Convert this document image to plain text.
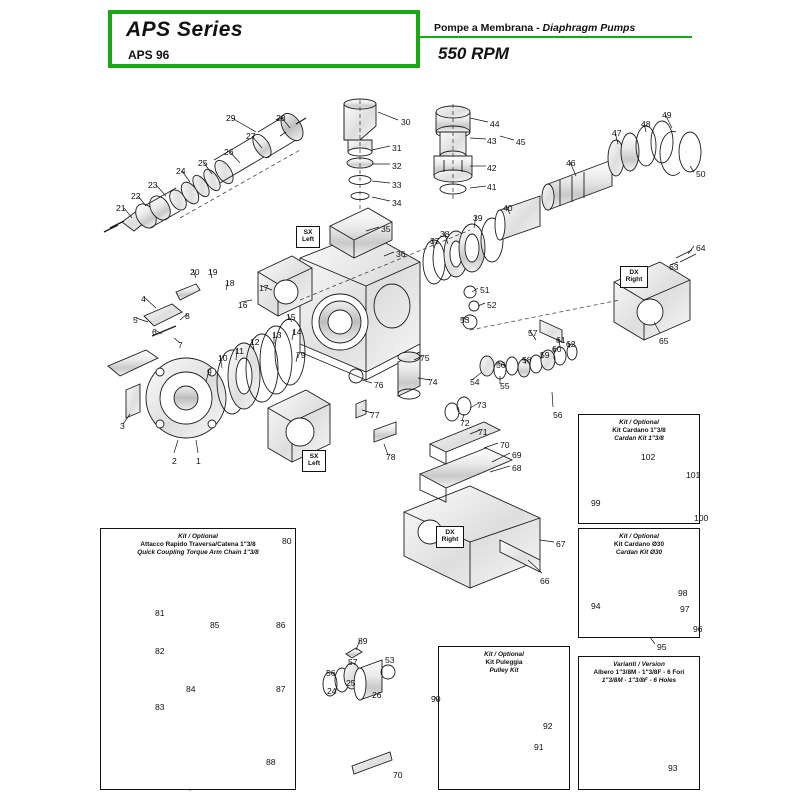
APS Series
APS 96
Pompe a Membrana - Diaphragm Pumps
550 RPM
SX
Left
SX
Left
DX
Right
DX
Right
Kit / Optional
Attacco Rapido Traversa/Catena 1"3/8
Quick Coupling Torque Arm Chain 1"3/8
Kit / Optional
Kit Puleggia
Pulley Kit
Kit / Optional
Kit Cardano 1"3/8
Cardan Kit 1"3/8
Kit / Optional
Kit Cardano Ø30
Cardan Kit Ø30
Varianti / Version
Albero 1"3/8M - 1"3/8F - 6 Fori
1"3/8M - 1"3/8F - 6 Holes
1
2
3
4
5
6
7
8
9
10
11
12
13 14
15
16
17
18
19
20
21
22
23
24
25
26
27
28
29	30
31
32
33
34
35
36
37
38
39
40
41
42
43
44
45
46
47
48
49
50
51
52
53
54 55
56
56
57
58 59
60
61 62
63
64
65
66
67
68
69
70
71
72
73
74
75
76
77
78
79
80
81
82
83
84
85	86
87
88
89
90
91
92
93
94
95
96
97
98
99
100
101
102
24
25
26
53
56
57
70
